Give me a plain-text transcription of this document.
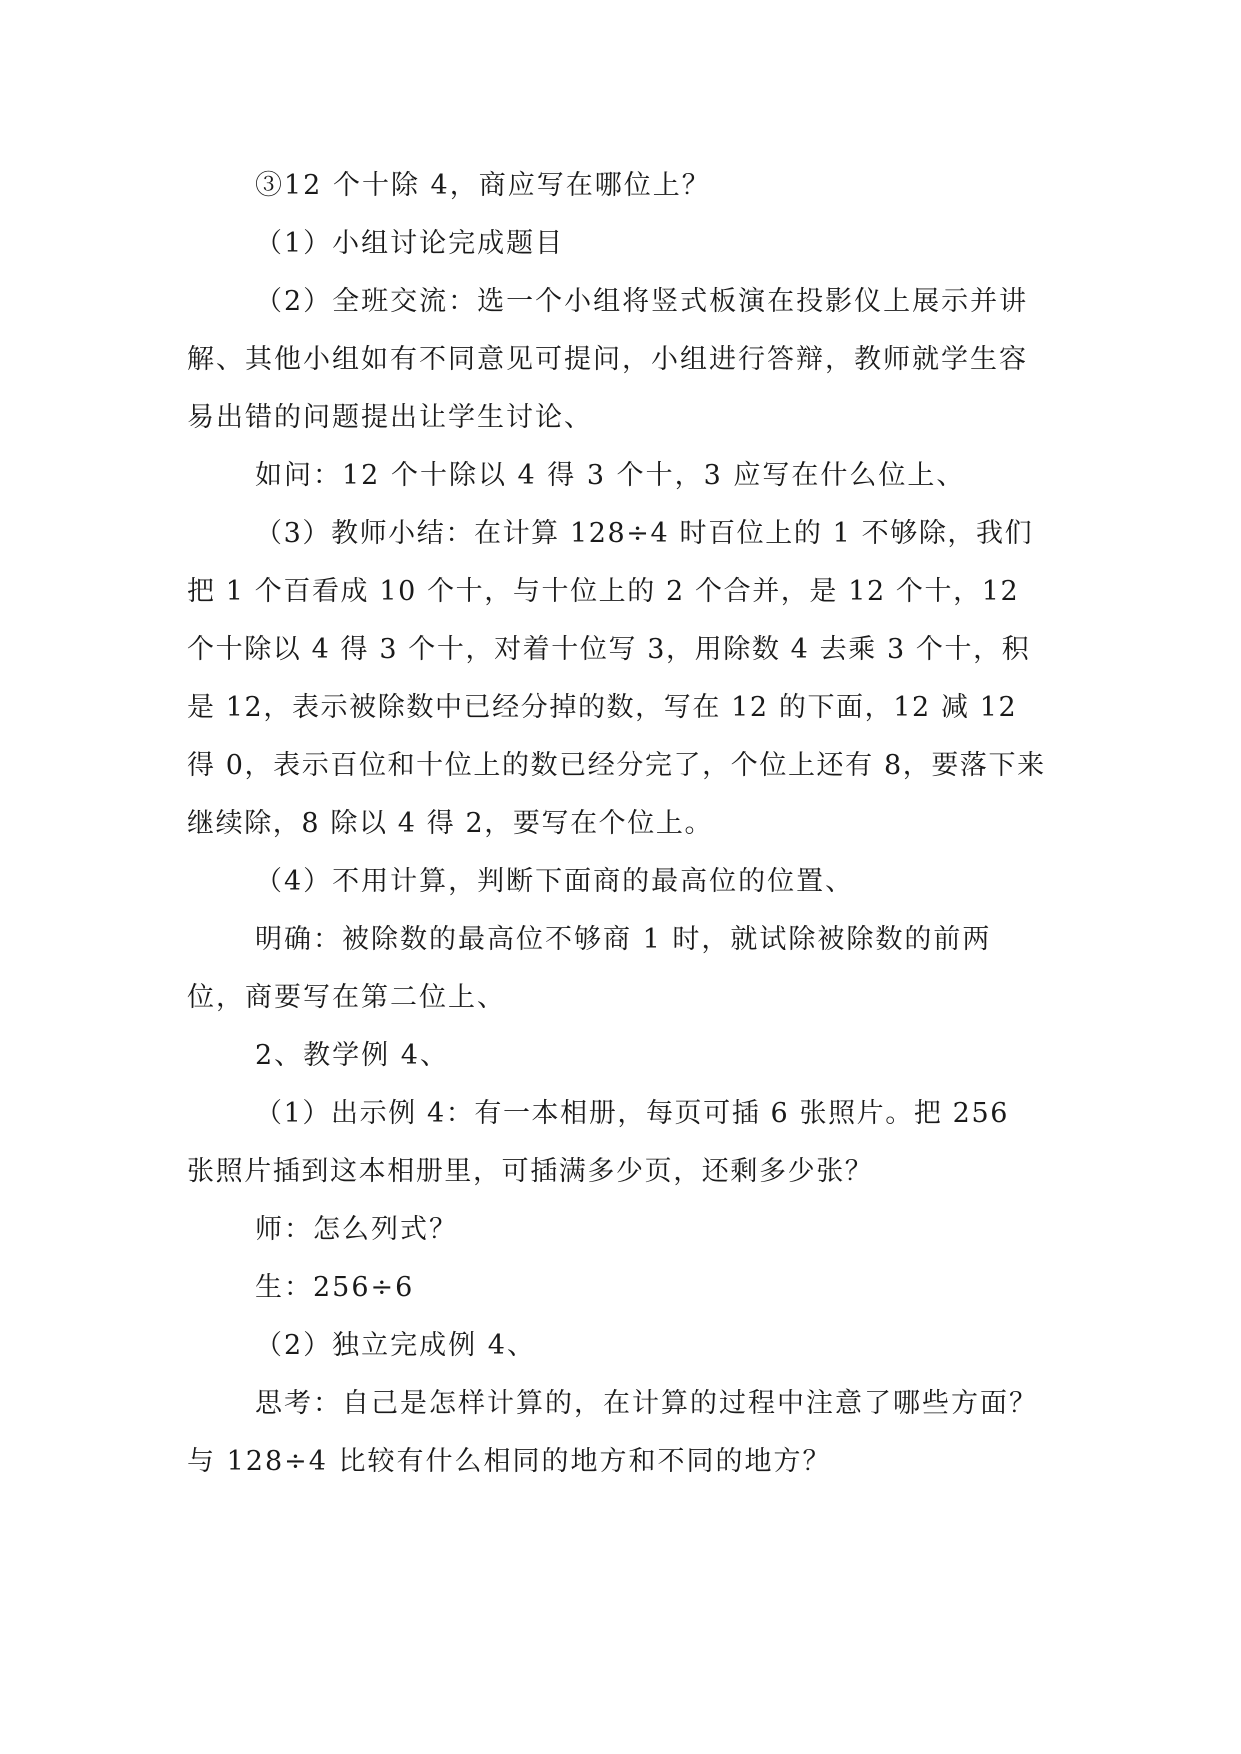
③12 个十除 4，商应写在哪位上？

（1）小组讨论完成题目

（2）全班交流：选一个小组将竖式板演在投影仪上展示并讲解、其他小组如有不同意见可提问，小组进行答辩，教师就学生容易出错的问题提出让学生讨论、

如问：12 个十除以 4 得 3 个十，3 应写在什么位上、

（3）教师小结：在计算 128÷4 时百位上的 1 不够除，我们把 1 个百看成 10 个十，与十位上的 2 个合并，是 12 个十，12 个十除以 4 得 3 个十，对着十位写 3，用除数 4 去乘 3 个十，积是 12，表示被除数中已经分掉的数，写在 12 的下面，12 减 12 得 0，表示百位和十位上的数已经分完了，个位上还有 8，要落下来继续除，8 除以 4 得 2，要写在个位上。

（4）不用计算，判断下面商的最高位的位置、

明确：被除数的最高位不够商 1 时，就试除被除数的前两位，商要写在第二位上、

2、教学例 4、

（1）出示例 4：有一本相册，每页可插 6 张照片。把 256 张照片插到这本相册里，可插满多少页，还剩多少张？

师：怎么列式？

生：256÷6

（2）独立完成例 4、

思考：自己是怎样计算的，在计算的过程中注意了哪些方面？与 128÷4 比较有什么相同的地方和不同的地方？
